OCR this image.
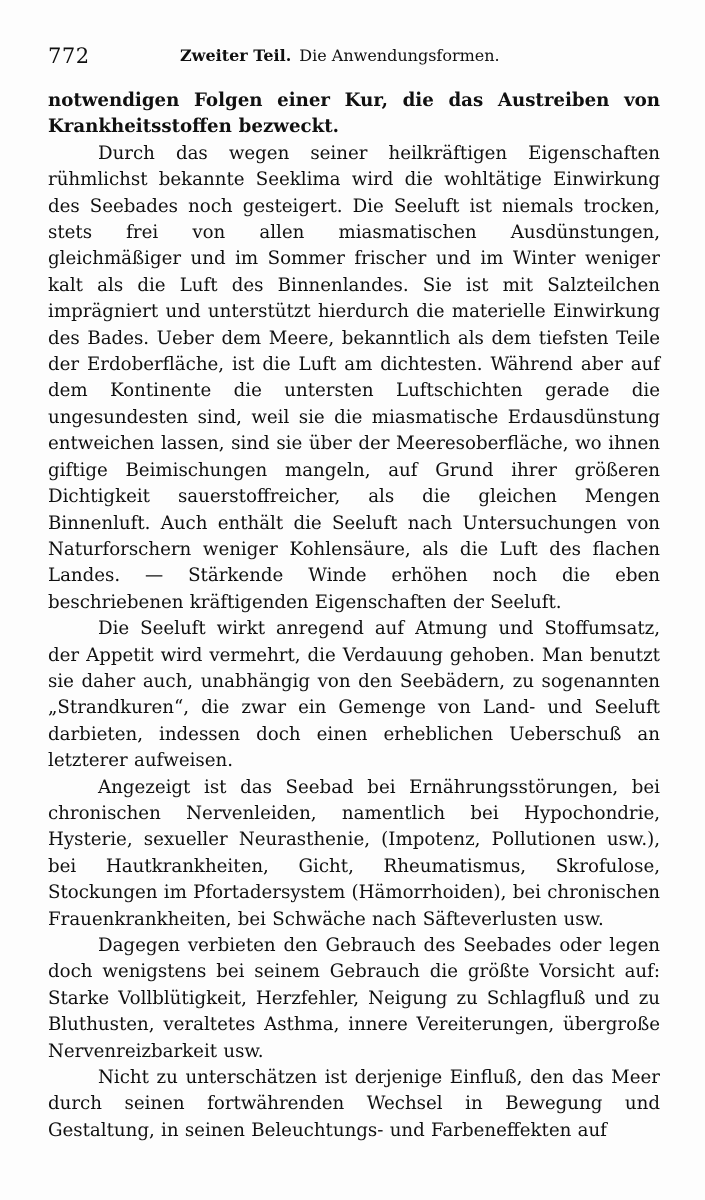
772	Zweiter Teil. Die Anwendungsformen.

notwendigen Folgen einer Kur, die das Austreiben von Krankheitsstoffen bezweckt.

Durch das wegen seiner heilkräftigen Eigenschaften rühmlichst bekannte Seeklima wird die wohltätige Einwirkung des Seebades noch gesteigert. Die Seeluft ist niemals trocken, stets frei von allen miasmatischen Ausdünstungen, gleichmäßiger und im Sommer frischer und im Winter weniger kalt als die Luft des Binnenlandes. Sie ist mit Salzteilchen imprägniert und unterstützt hierdurch die materielle Einwirkung des Bades. Ueber dem Meere, bekanntlich als dem tiefsten Teile der Erdoberfläche, ist die Luft am dichtesten. Während aber auf dem Kontinente die untersten Luftschichten gerade die ungesundesten sind, weil sie die miasmatische Erdausdünstung entweichen lassen, sind sie über der Meeresoberfläche, wo ihnen giftige Beimischungen mangeln, auf Grund ihrer größeren Dichtigkeit sauerstoffreicher, als die gleichen Mengen Binnenluft. Auch enthält die Seeluft nach Untersuchungen von Naturforschern weniger Kohlensäure, als die Luft des flachen Landes. — Stärkende Winde erhöhen noch die eben beschriebenen kräftigenden Eigenschaften der Seeluft.

Die Seeluft wirkt anregend auf Atmung und Stoffumsatz, der Appetit wird vermehrt, die Verdauung gehoben. Man benutzt sie daher auch, unabhängig von den Seebädern, zu sogenannten „Strandkuren“, die zwar ein Gemenge von Land- und Seeluft darbieten, indessen doch einen erheblichen Ueberschuß an letzterer aufweisen.

Angezeigt ist das Seebad bei Ernährungsstörungen, bei chronischen Nervenleiden, namentlich bei Hypochondrie, Hysterie, sexueller Neurasthenie, (Impotenz, Pollutionen usw.), bei Hautkrankheiten, Gicht, Rheumatismus, Skrofulose, Stockungen im Pfortadersystem (Hämorrhoiden), bei chronischen Frauenkrankheiten, bei Schwäche nach Säfteverlusten usw.

Dagegen verbieten den Gebrauch des Seebades oder legen doch wenigstens bei seinem Gebrauch die größte Vorsicht auf: Starke Vollblütigkeit, Herzfehler, Neigung zu Schlagfluß und zu Bluthusten, veraltetes Asthma, innere Vereiterungen, übergroße Nervenreizbarkeit usw.

Nicht zu unterschätzen ist derjenige Einfluß, den das Meer durch seinen fortwährenden Wechsel in Bewegung und Gestaltung, in seinen Beleuchtungs- und Farbeneffekten auf
